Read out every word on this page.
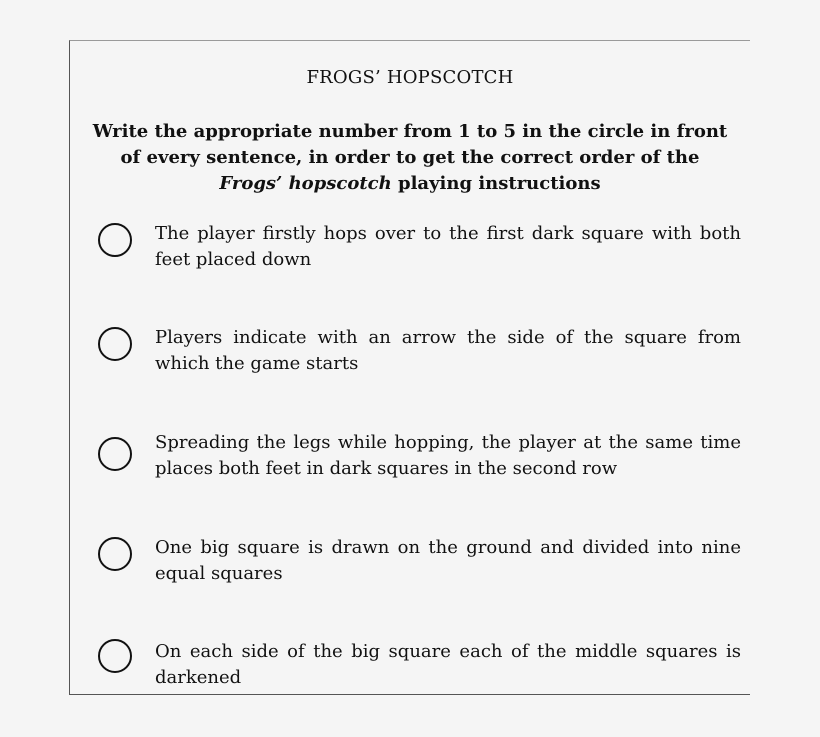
FROGS’ HOPSCOTCH
Write the appropriate number from 1 to 5 in the circle in front
of every sentence, in order to get the correct order of the
Frogs’ hopscotch playing instructions
The player firstly hops over to the first dark square with both feet placed down
Players indicate with an arrow the side of the square from which the game starts
Spreading the legs while hopping, the player at the same time places both feet in dark squares in the second row
One big square is drawn on the ground and divided into nine equal squares
On each side of the big square each of the middle squares is darkened
